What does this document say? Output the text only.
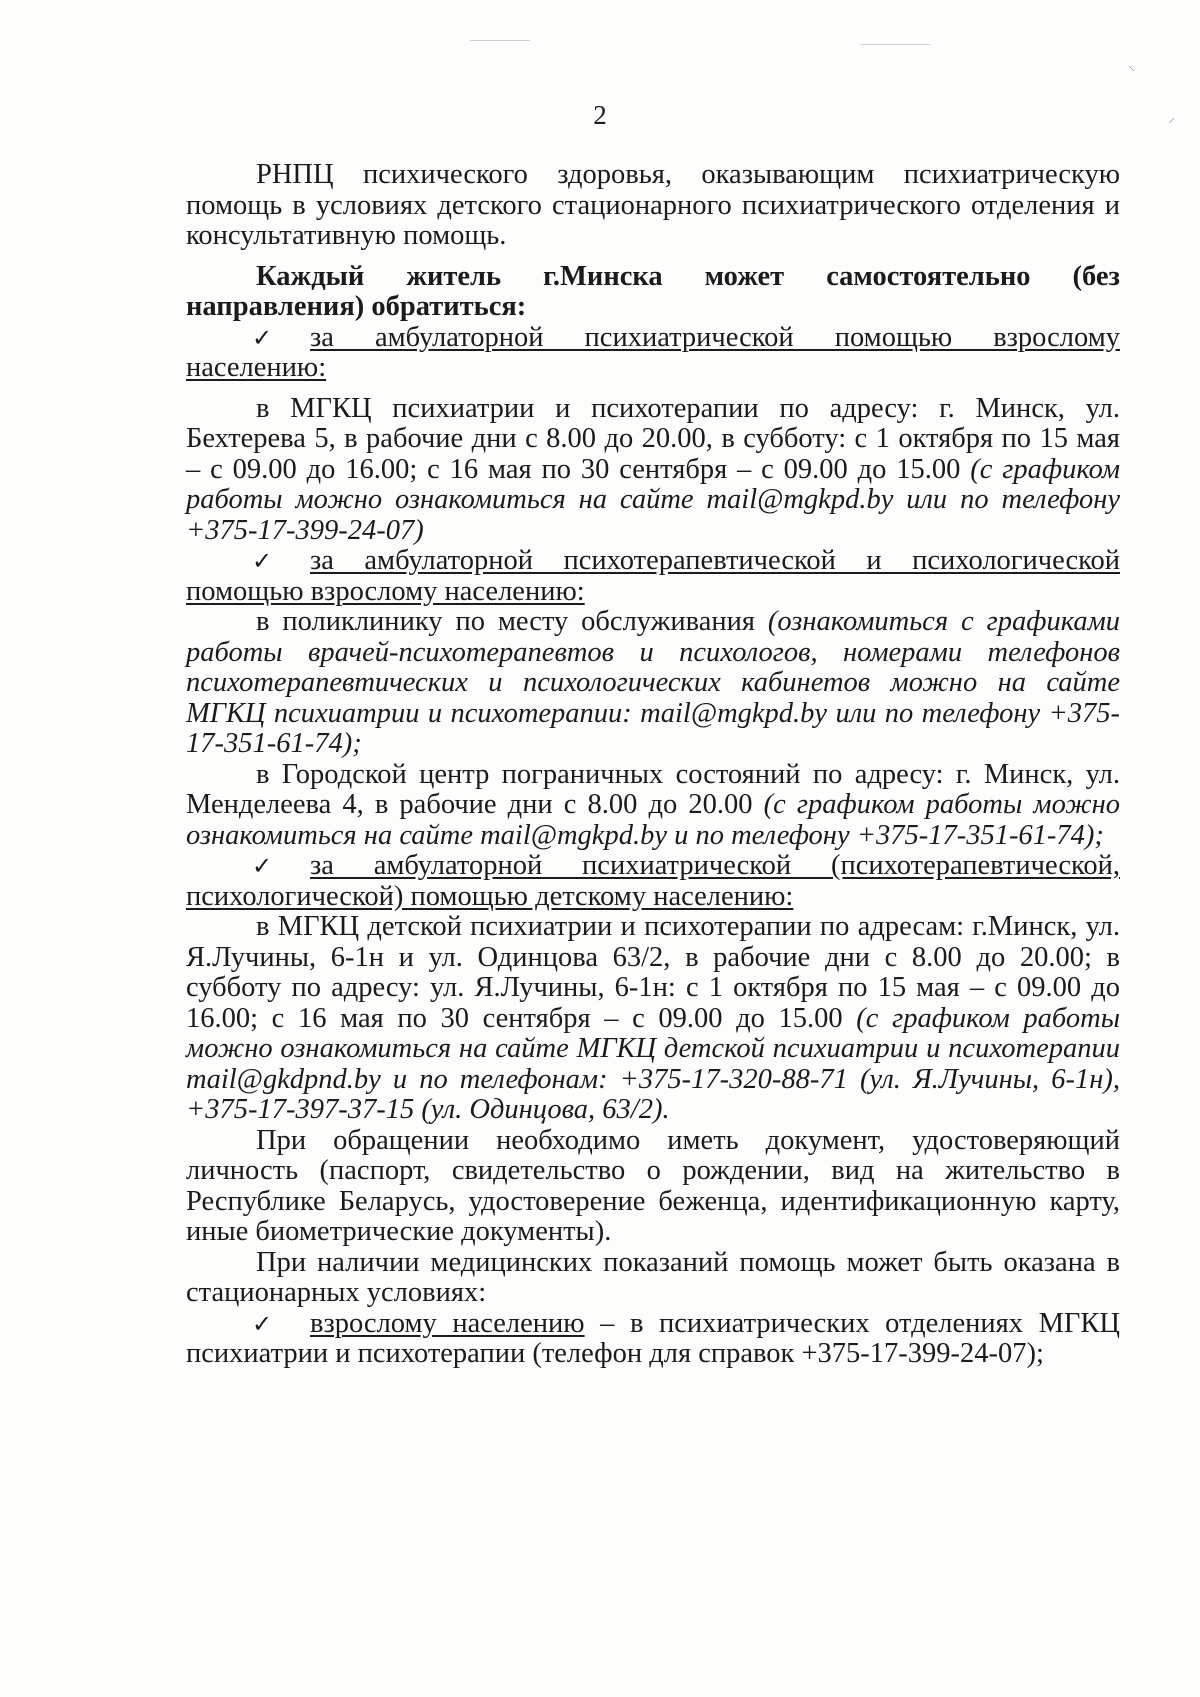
⸜
⸝
2

РНПЦ психического здоровья, оказывающим психиатрическую помощь в условиях детского стационарного психиатрического отделения и консультативную помощь.

Каждый житель г.Минска может самостоятельно (без направления) обратиться:

✓ за амбулаторной психиатрической помощью взрослому населению:

в МГКЦ психиатрии и психотерапии по адресу: г. Минск, ул. Бехтерева 5, в рабочие дни с 8.00 до 20.00, в субботу: с 1 октября по 15 мая – с 09.00 до 16.00; с 16 мая по 30 сентября – с 09.00 до 15.00 (с графиком работы можно ознакомиться на сайте mail@mgkpd.by или по телефону +375-17-399-24-07)

✓ за амбулаторной психотерапевтической и психологической помощью взрослому населению:

в поликлинику по месту обслуживания (ознакомиться с графиками работы врачей-психотерапевтов и психологов, номерами телефонов психотерапевтических и психологических кабинетов можно на сайте МГКЦ психиатрии и психотерапии: mail@mgkpd.by или по телефону +375-17-351-61-74);

в Городской центр пограничных состояний по адресу: г. Минск, ул. Менделеева 4, в рабочие дни с 8.00 до 20.00 (с графиком работы можно ознакомиться на сайте mail@mgkpd.by и по телефону +375-17-351-61-74);

✓ за амбулаторной психиатрической (психотерапевтической, психологической) помощью детскому населению:

в МГКЦ детской психиатрии и психотерапии по адресам: г.Минск, ул. Я.Лучины, 6-1н и ул. Одинцова 63/2, в рабочие дни с 8.00 до 20.00; в субботу по адресу: ул. Я.Лучины, 6-1н: с 1 октября по 15 мая – с 09.00 до 16.00; с 16 мая по 30 сентября – с 09.00 до 15.00 (с графиком работы можно ознакомиться на сайте МГКЦ детской психиатрии и психотерапии mail@gkdpnd.by и по телефонам: +375-17-320-88-71 (ул. Я.Лучины, 6-1н), +375-17-397-37-15 (ул. Одинцова, 63/2).

При обращении необходимо иметь документ, удостоверяющий личность (паспорт, свидетельство о рождении, вид на жительство в Республике Беларусь, удостоверение беженца, идентификационную карту, иные биометрические документы).

При наличии медицинских показаний помощь может быть оказана в стационарных условиях:

✓ взрослому населению – в психиатрических отделениях МГКЦ психиатрии и психотерапии (телефон для справок +375-17-399-24-07);
